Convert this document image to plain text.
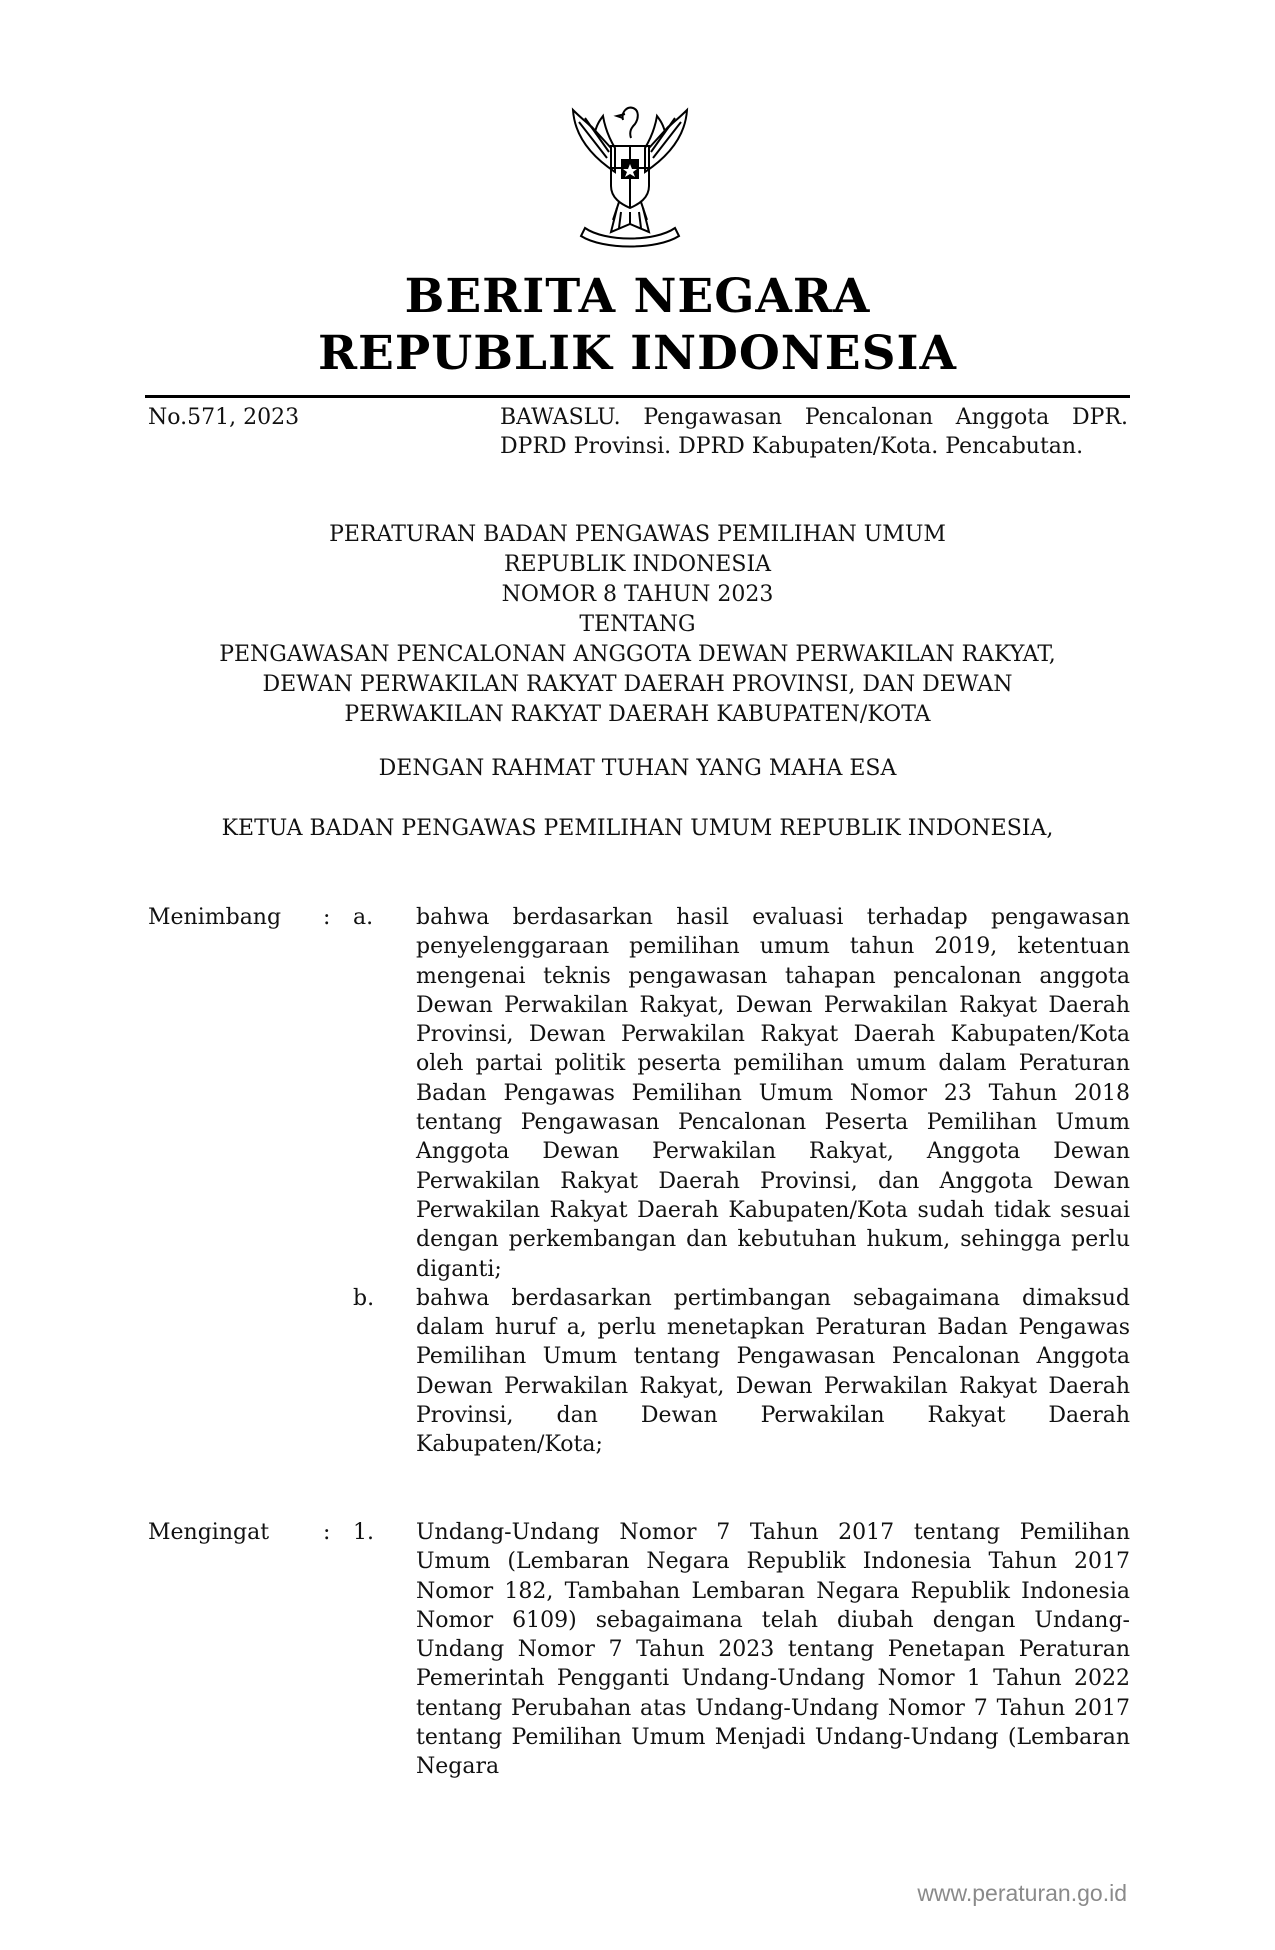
BERITA NEGARA
REPUBLIK INDONESIA
No.571, 2023	BAWASLU. Pengawasan Pencalonan Anggota DPR. DPRD Provinsi. DPRD Kabupaten/Kota. Pencabutan.
PERATURAN BADAN PENGAWAS PEMILIHAN UMUM
REPUBLIK INDONESIA
NOMOR 8 TAHUN 2023
TENTANG
PENGAWASAN PENCALONAN ANGGOTA DEWAN PERWAKILAN RAKYAT,
DEWAN PERWAKILAN RAKYAT DAERAH PROVINSI, DAN DEWAN
PERWAKILAN RAKYAT DAERAH KABUPATEN/KOTA
DENGAN RAHMAT TUHAN YANG MAHA ESA
KETUA BADAN PENGAWAS PEMILIHAN UMUM REPUBLIK INDONESIA,
Menimbang : a. bahwa berdasarkan hasil evaluasi terhadap pengawasan penyelenggaraan pemilihan umum tahun 2019, ketentuan mengenai teknis pengawasan tahapan pencalonan anggota Dewan Perwakilan Rakyat, Dewan Perwakilan Rakyat Daerah Provinsi, Dewan Perwakilan Rakyat Daerah Kabupaten/Kota oleh partai politik peserta pemilihan umum dalam Peraturan Badan Pengawas Pemilihan Umum Nomor 23 Tahun 2018 tentang Pengawasan Pencalonan Peserta Pemilihan Umum Anggota Dewan Perwakilan Rakyat, Anggota Dewan Perwakilan Rakyat Daerah Provinsi, dan Anggota Dewan Perwakilan Rakyat Daerah Kabupaten/Kota sudah tidak sesuai dengan perkembangan dan kebutuhan hukum, sehingga perlu diganti;
b. bahwa berdasarkan pertimbangan sebagaimana dimaksud dalam huruf a, perlu menetapkan Peraturan Badan Pengawas Pemilihan Umum tentang Pengawasan Pencalonan Anggota Dewan Perwakilan Rakyat, Dewan Perwakilan Rakyat Daerah Provinsi, dan Dewan Perwakilan Rakyat Daerah Kabupaten/Kota;
Mengingat : 1. Undang-Undang Nomor 7 Tahun 2017 tentang Pemilihan Umum (Lembaran Negara Republik Indonesia Tahun 2017 Nomor 182, Tambahan Lembaran Negara Republik Indonesia Nomor 6109) sebagaimana telah diubah dengan Undang-Undang Nomor 7 Tahun 2023 tentang Penetapan Peraturan Pemerintah Pengganti Undang-Undang Nomor 1 Tahun 2022 tentang Perubahan atas Undang-Undang Nomor 7 Tahun 2017 tentang Pemilihan Umum Menjadi Undang-Undang (Lembaran Negara
www.peraturan.go.id
